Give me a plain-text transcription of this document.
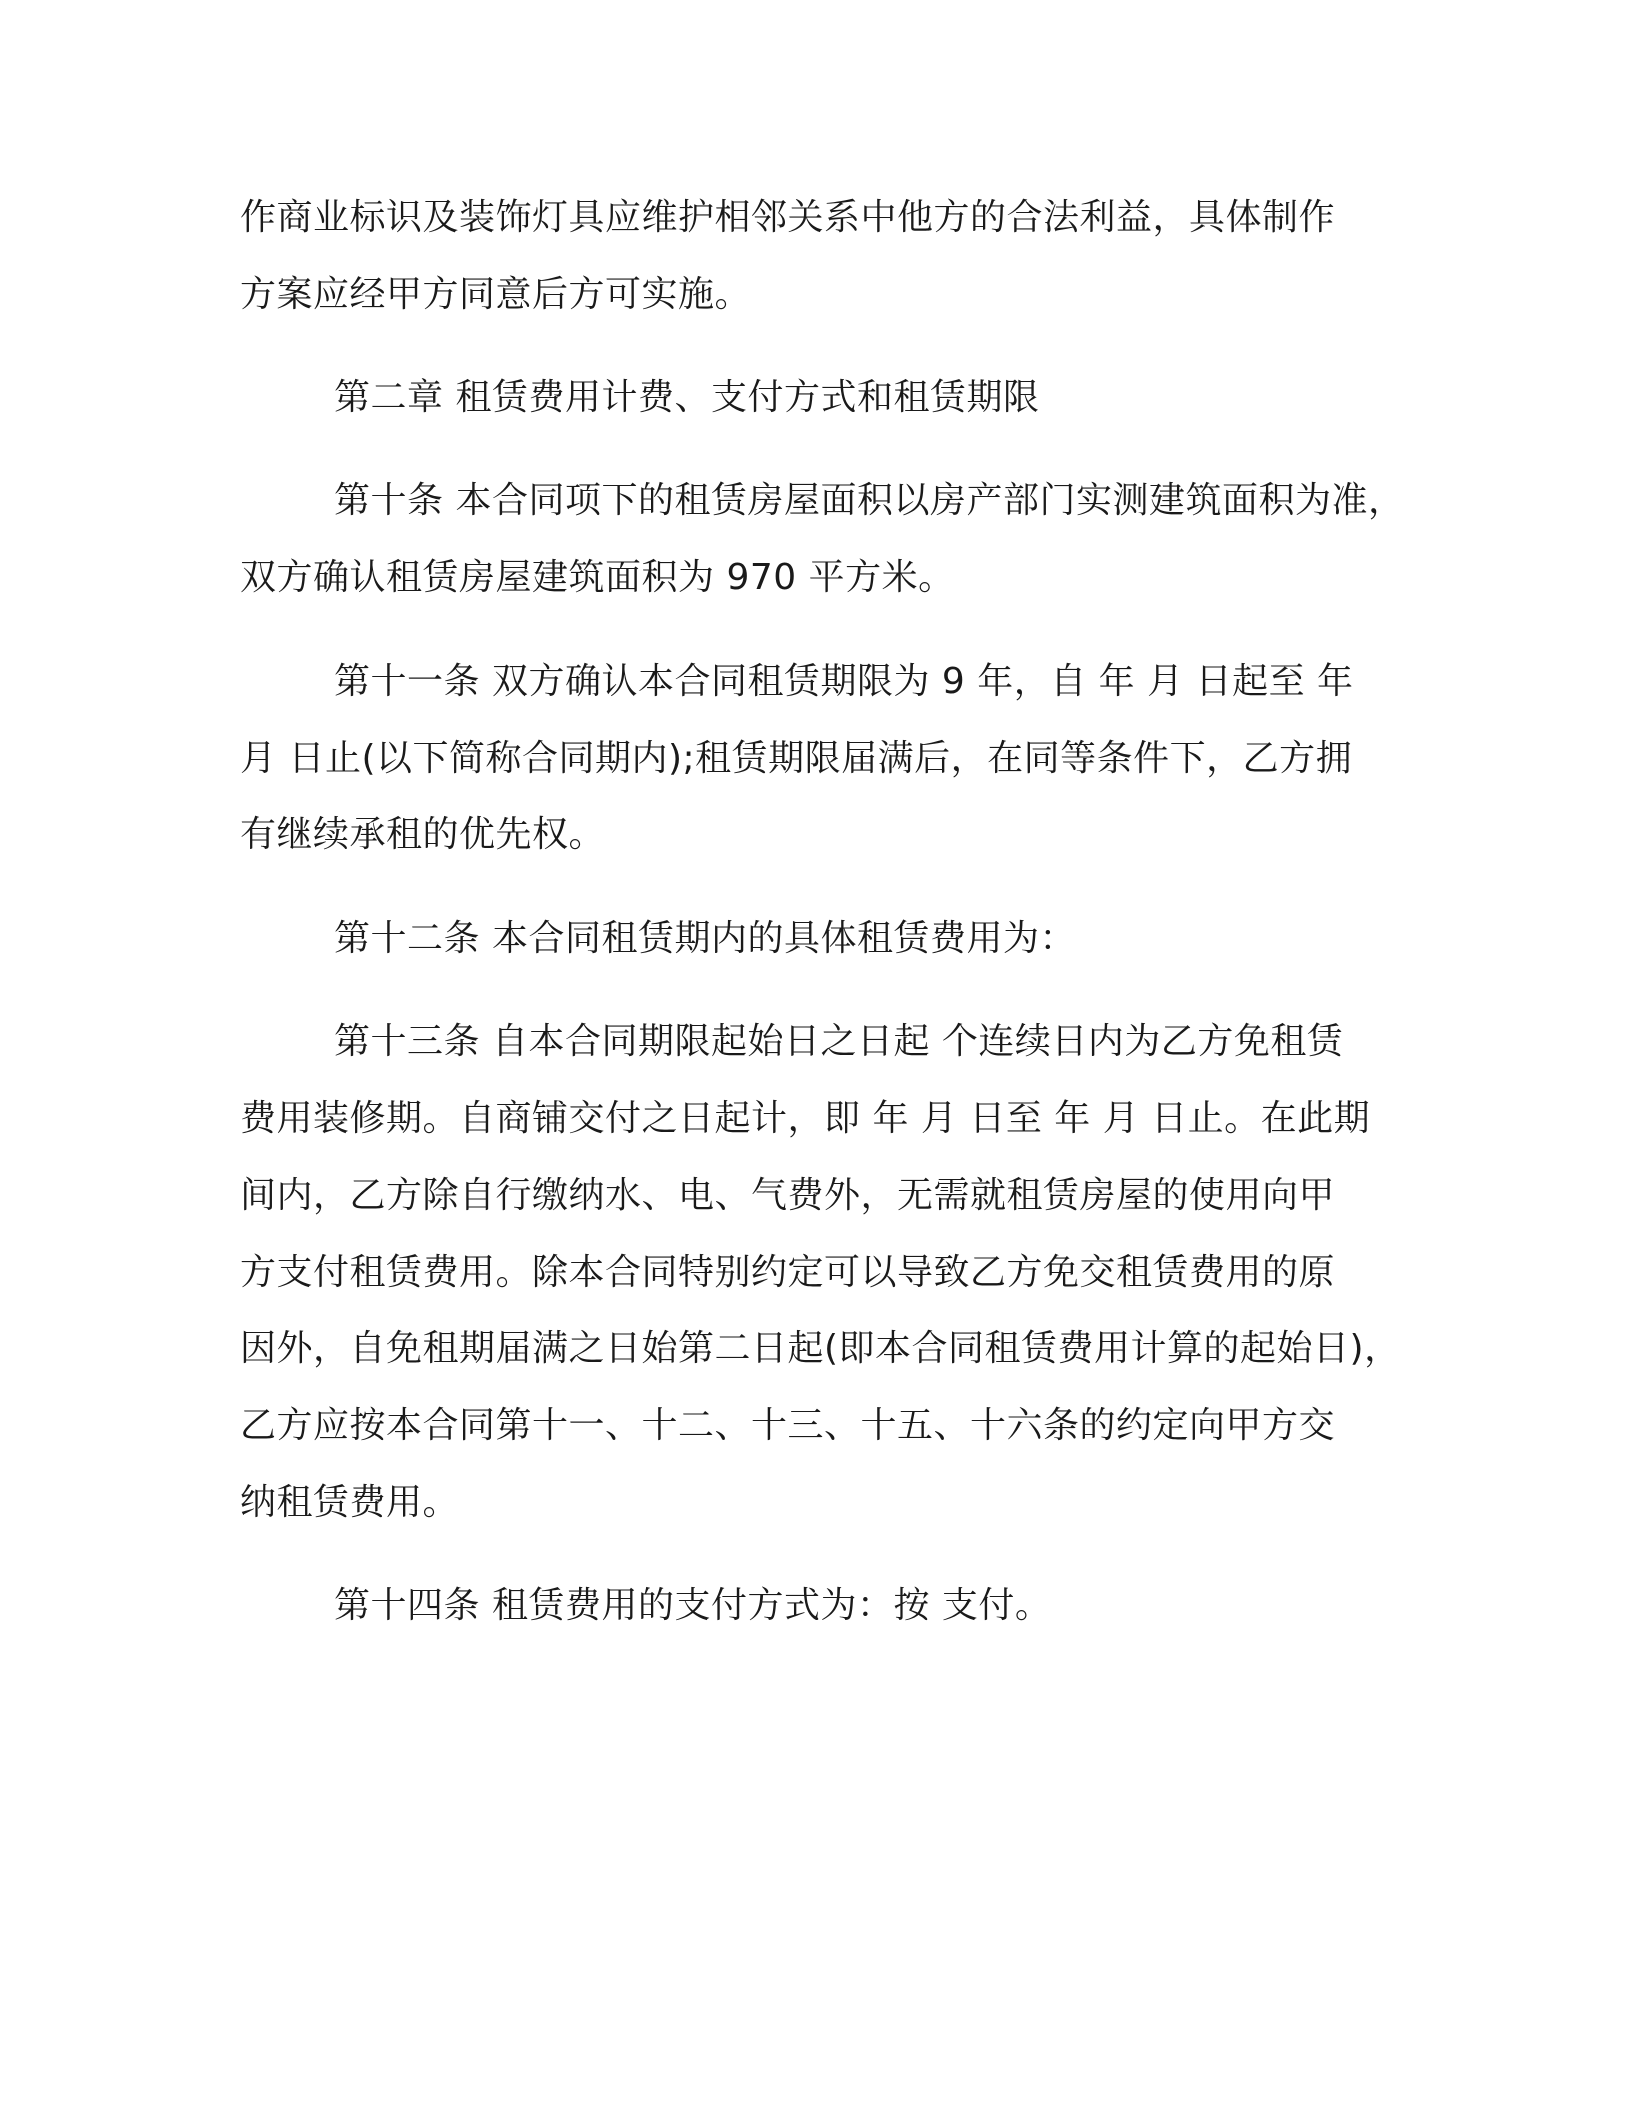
作商业标识及装饰灯具应维护相邻关系中他方的合法利益，具体制作
方案应经甲方同意后方可实施。
第二章 租赁费用计费、支付方式和租赁期限
第十条 本合同项下的租赁房屋面积以房产部门实测建筑面积为准，
双方确认租赁房屋建筑面积为 970 平方米。
第十一条 双方确认本合同租赁期限为 9 年，自 年 月 日起至 年
月 日止(以下简称合同期内);租赁期限届满后，在同等条件下，乙方拥
有继续承租的优先权。
第十二条 本合同租赁期内的具体租赁费用为：
第十三条 自本合同期限起始日之日起 个连续日内为乙方免租赁
费用装修期。自商铺交付之日起计，即 年 月 日至 年 月 日止。在此期
间内，乙方除自行缴纳水、电、气费外，无需就租赁房屋的使用向甲
方支付租赁费用。除本合同特别约定可以导致乙方免交租赁费用的原
因外，自免租期届满之日始第二日起(即本合同租赁费用计算的起始日)，
乙方应按本合同第十一、十二、十三、十五、十六条的约定向甲方交
纳租赁费用。
第十四条 租赁费用的支付方式为：按 支付。
